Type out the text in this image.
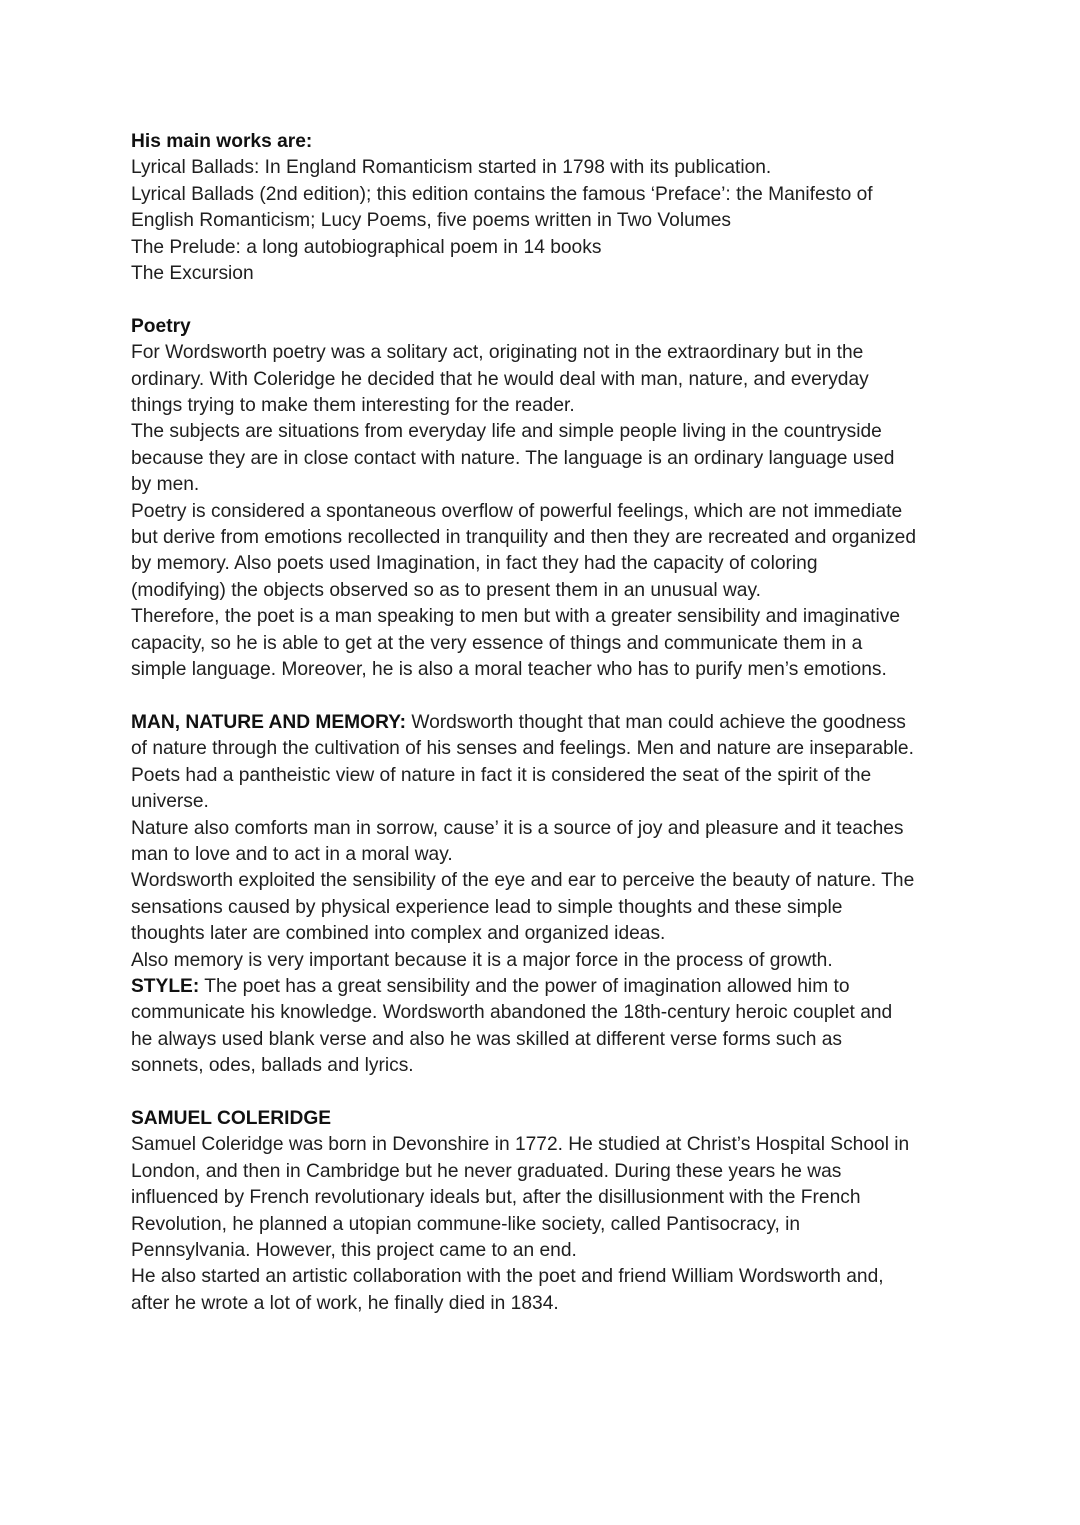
His main works are:
Lyrical Ballads: In England Romanticism started in 1798 with its publication.
Lyrical Ballads (2nd edition); this edition contains the famous ‘Preface’: the Manifesto of
English Romanticism; Lucy Poems, five poems written in Two Volumes
The Prelude: a long autobiographical poem in 14 books
The Excursion
Poetry
For Wordsworth poetry was a solitary act, originating not in the extraordinary but in the
ordinary. With Coleridge he decided that he would deal with man, nature, and everyday
things trying to make them interesting for the reader.
The subjects are situations from everyday life and simple people living in the countryside
because they are in close contact with nature. The language is an ordinary language used
by men.
Poetry is considered a spontaneous overflow of powerful feelings, which are not immediate
but derive from emotions recollected in tranquility and then they are recreated and organized
by memory. Also poets used Imagination, in fact they had the capacity of coloring
(modifying) the objects observed so as to present them in an unusual way.
Therefore, the poet is a man speaking to men but with a greater sensibility and imaginative
capacity, so he is able to get at the very essence of things and communicate them in a
simple language. Moreover, he is also a moral teacher who has to purify men’s emotions.
MAN, NATURE AND MEMORY: Wordsworth thought that man could achieve the goodness
of nature through the cultivation of his senses and feelings. Men and nature are inseparable.
Poets had a pantheistic view of nature in fact it is considered the seat of the spirit of the
universe.
Nature also comforts man in sorrow, cause’ it is a source of joy and pleasure and it teaches
man to love and to act in a moral way.
Wordsworth exploited the sensibility of the eye and ear to perceive the beauty of nature. The
sensations caused by physical experience lead to simple thoughts and these simple
thoughts later are combined into complex and organized ideas.
Also memory is very important because it is a major force in the process of growth.
STYLE: The poet has a great sensibility and the power of imagination allowed him to
communicate his knowledge. Wordsworth abandoned the 18th-century heroic couplet and
he always used blank verse and also he was skilled at different verse forms such as
sonnets, odes, ballads and lyrics.
SAMUEL COLERIDGE
Samuel Coleridge was born in Devonshire in 1772. He studied at Christ’s Hospital School in
London, and then in Cambridge but he never graduated. During these years he was
influenced by French revolutionary ideals but, after the disillusionment with the French
Revolution, he planned a utopian commune-like society, called Pantisocracy, in
Pennsylvania. However, this project came to an end.
He also started an artistic collaboration with the poet and friend William Wordsworth and,
after he wrote a lot of work, he finally died in 1834.
